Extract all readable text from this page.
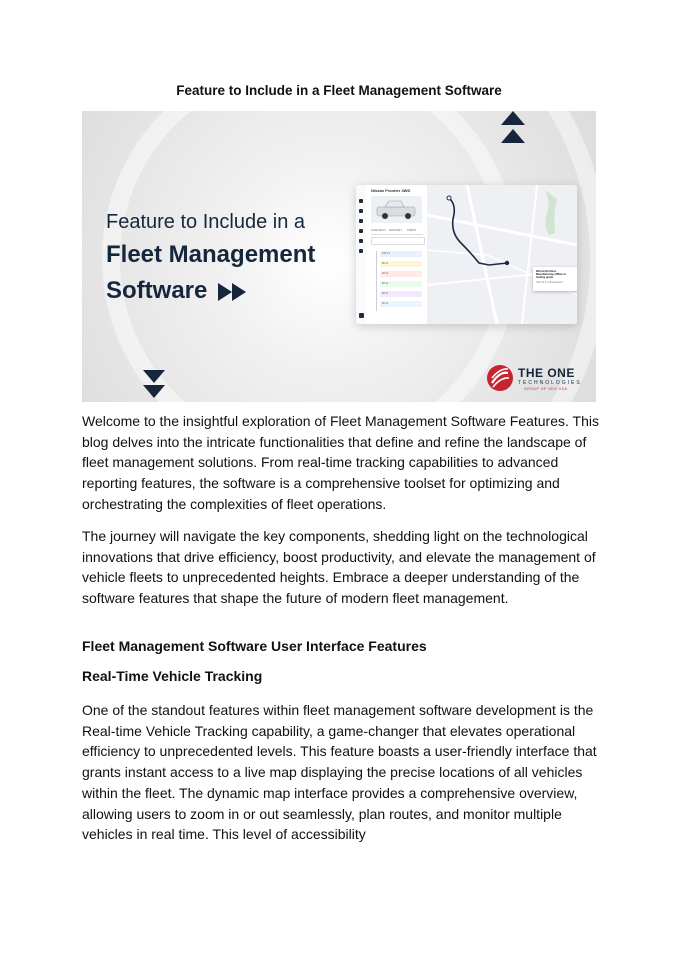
Feature to Include in a Fleet Management Software
Feature to Include in a
Fleet Management
Software
Nissan Frontier 4WD
LIVE INFO HISTORY TRIPS
120 mi
80 mi
40 mi
60 mi
30 mi
20 mi
Warren Brothers Manufacturing Offline at loading grade
Site 10 & 4 Streetwood
THE ONE
TECHNOLOGIES
GROUP OF ODS USA

Welcome to the insightful exploration of Fleet Management Software Features. This blog delves into the intricate functionalities that define and refine the landscape of fleet management solutions. From real-time tracking capabilities to advanced reporting features, the software is a comprehensive toolset for optimizing and orchestrating the complexities of fleet operations.

The journey will navigate the key components, shedding light on the technological innovations that drive efficiency, boost productivity, and elevate the management of vehicle fleets to unprecedented heights. Embrace a deeper understanding of the software features that shape the future of modern fleet management.

Fleet Management Software User Interface Features

Real-Time Vehicle Tracking

One of the standout features within fleet management software development is the Real-time Vehicle Tracking capability, a game-changer that elevates operational efficiency to unprecedented levels. This feature boasts a user-friendly interface that grants instant access to a live map displaying the precise locations of all vehicles within the fleet. The dynamic map interface provides a comprehensive overview, allowing users to zoom in or out seamlessly, plan routes, and monitor multiple vehicles in real time. This level of accessibility
